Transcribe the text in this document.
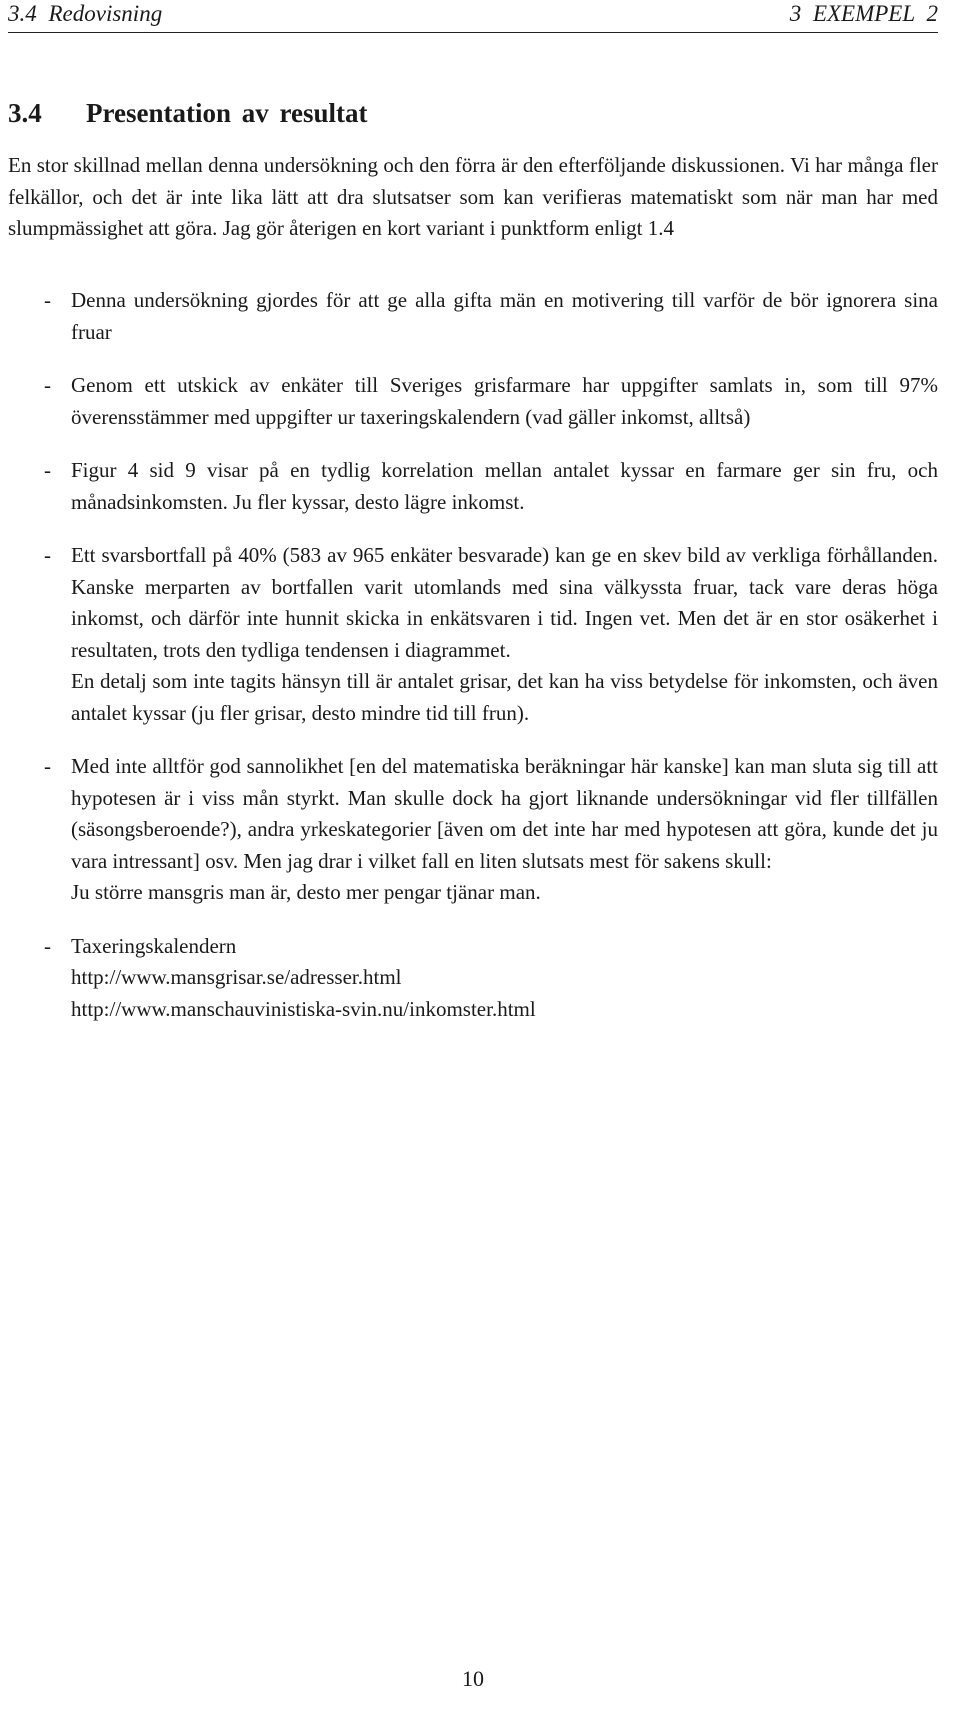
3.4 Redovisning	3 EXEMPEL 2
3.4 Presentation av resultat

En stor skillnad mellan denna undersökning och den förra är den efterföljande diskussionen. Vi har många fler felkällor, och det är inte lika lätt att dra slutsatser som kan verifieras matematiskt som när man har med slumpmässighet att göra. Jag gör återigen en kort variant i punktform enligt 1.4

- Denna undersökning gjordes för att ge alla gifta män en motivering till varför de bör ignorera sina fruar

- Genom ett utskick av enkäter till Sveriges grisfarmare har uppgifter samlats in, som till 97% överensstämmer med uppgifter ur taxeringskalendern (vad gäller inkomst, alltså)

- Figur 4 sid 9 visar på en tydlig korrelation mellan antalet kyssar en farmare ger sin fru, och månadsinkomsten. Ju fler kyssar, desto lägre inkomst.

- Ett svarsbortfall på 40% (583 av 965 enkäter besvarade) kan ge en skev bild av verkliga förhållanden. Kanske merparten av bortfallen varit utomlands med sina välkyssta fruar, tack vare deras höga inkomst, och därför inte hunnit skicka in enkätsvaren i tid. Ingen vet. Men det är en stor osäkerhet i resultaten, trots den tydliga tendensen i diagrammet.

En detalj som inte tagits hänsyn till är antalet grisar, det kan ha viss betydelse för inkomsten, och även antalet kyssar (ju fler grisar, desto mindre tid till frun).

- Med inte alltför god sannolikhet [en del matematiska beräkningar här kanske] kan man sluta sig till att hypotesen är i viss mån styrkt. Man skulle dock ha gjort liknande undersökningar vid fler tillfällen (säsongsberoende?), andra yrkeskategorier [även om det inte har med hypotesen att göra, kunde det ju vara intressant] osv. Men jag drar i vilket fall en liten slutsats mest för sakens skull:

Ju större mansgris man är, desto mer pengar tjänar man.

- Taxeringskalendern

http://www.mansgrisar.se/adresser.html

http://www.manschauvinistiska-svin.nu/inkomster.html

10
